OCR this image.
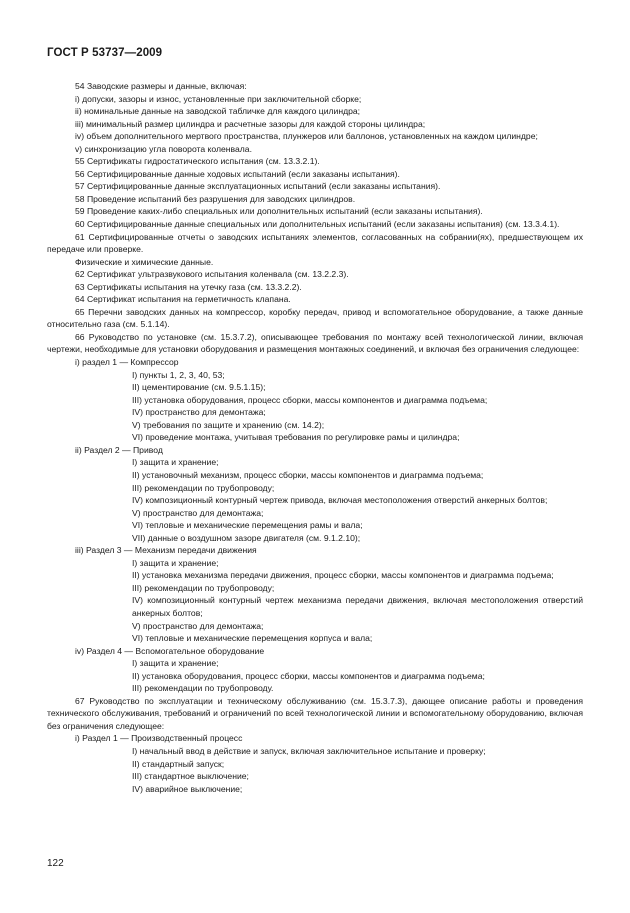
ГОСТ Р 53737—2009

54 Заводские размеры и данные, включая:

i) допуски, зазоры и износ, установленные при заключительной сборке;

ii) номинальные данные на заводской табличке для каждого цилиндра;

iii) минимальный размер цилиндра и расчетные зазоры для каждой стороны цилиндра;

iv) объем дополнительного мертвого пространства, плунжеров или баллонов, установленных на каждом цилиндре;

v) синхронизацию угла поворота коленвала.

55 Сертификаты гидростатического испытания (см. 13.3.2.1).

56 Сертифицированные данные ходовых испытаний (если заказаны испытания).

57 Сертифицированные данные эксплуатационных испытаний (если заказаны испытания).

58 Проведение испытаний без разрушения для заводских цилиндров.

59 Проведение каких-либо специальных или дополнительных испытаний (если заказаны испытания).

60 Сертифицированные данные специальных или дополнительных испытаний (если заказаны испытания) (см. 13.3.4.1).

61 Сертифицированные отчеты о заводских испытаниях элементов, согласованных на собрании(ях), предшествующем их передаче или проверке.

Физические и химические данные.

62 Сертификат ультразвукового испытания коленвала (см. 13.2.2.3).

63 Сертификаты испытания на утечку газа (см. 13.3.2.2).

64 Сертификат испытания на герметичность клапана.

65 Перечни заводских данных на компрессор, коробку передач, привод и вспомогательное оборудование, а также данные относительно газа (см. 5.1.14).

66 Руководство по установке (см. 15.3.7.2), описывающее требования по монтажу всей технологической линии, включая чертежи, необходимые для установки оборудования и размещения монтажных соединений, и включая без ограничения следующее:

i) раздел 1 — Компрессор

I) пункты 1, 2, 3, 40, 53;

II) цементирование (см. 9.5.1.15);

III) установка оборудования, процесс сборки, массы компонентов и диаграмма подъема;

IV) пространство для демонтажа;

V) требования по защите и хранению (см. 14.2);

VI) проведение монтажа, учитывая требования по регулировке рамы и цилиндра;

ii) Раздел 2 — Привод

I) защита и хранение;

II) установочный механизм, процесс сборки, массы компонентов и диаграмма подъема;

III) рекомендации по трубопроводу;

IV) композиционный контурный чертеж привода, включая местоположения отверстий анкерных болтов;

V) пространство для демонтажа;

VI) тепловые и механические перемещения рамы и вала;

VII) данные о воздушном зазоре двигателя (см. 9.1.2.10);

iii) Раздел 3 — Механизм передачи движения

I) защита и хранение;

II) установка механизма передачи движения, процесс сборки, массы компонентов и диаграмма подъема;

III) рекомендации по трубопроводу;

IV) композиционный контурный чертеж механизма передачи движения, включая местоположения отверстий анкерных болтов;

V) пространство для демонтажа;

VI) тепловые и механические перемещения корпуса и вала;

iv) Раздел 4 — Вспомогательное оборудование

I) защита и хранение;

II) установка оборудования, процесс сборки, массы компонентов и диаграмма подъема;

III) рекомендации по трубопроводу.

67 Руководство по эксплуатации и техническому обслуживанию (см. 15.3.7.3), дающее описание работы и проведения технического обслуживания, требований и ограничений по всей технологической линии и вспомогательному оборудованию, включая без ограничения следующее:

i) Раздел 1 — Производственный процесс

I) начальный ввод в действие и запуск, включая заключительное испытание и проверку;

II) стандартный запуск;

III) стандартное выключение;

IV) аварийное выключение;

122
